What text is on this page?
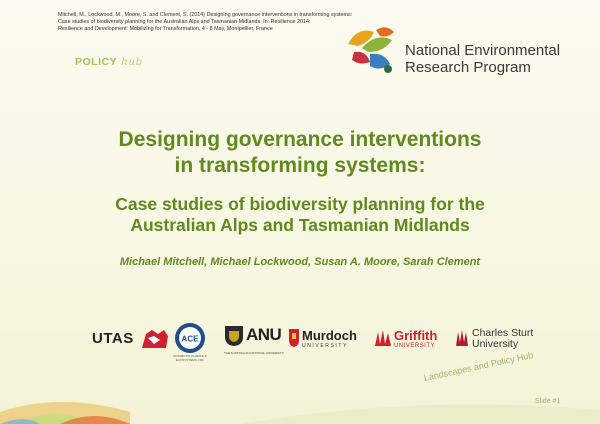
Mitchell, M., Lockwood, M., Moore, S. and Clement, S. (2014) Designing governance interventions in transforming systems:
Case studies of biodiversity planning for the Australian Alps and Tasmanian Midlands. In: Resilience 2014:
Resilience and Development: Mobilizing for Transformation, 4 - 8 May, Montpellier, France
POLICY hub
National Environmental
Research Program
Designing governance interventions
in transforming systems:
Case studies of biodiversity planning for the
Australian Alps and Tasmanian Midlands
Michael Mitchell, Michael Lockwood, Susan A. Moore, Sarah Clement
UTAS	ACE
ANTARCTIC CLIMATE & ECOSYSTEMS CRC
ANU
THE AUSTRALIAN NATIONAL UNIVERSITY
Murdoch
UNIVERSITY
Griffith
UNIVERSITY
Charles Sturt
University
Landscapes and Policy Hub
Slide #1
